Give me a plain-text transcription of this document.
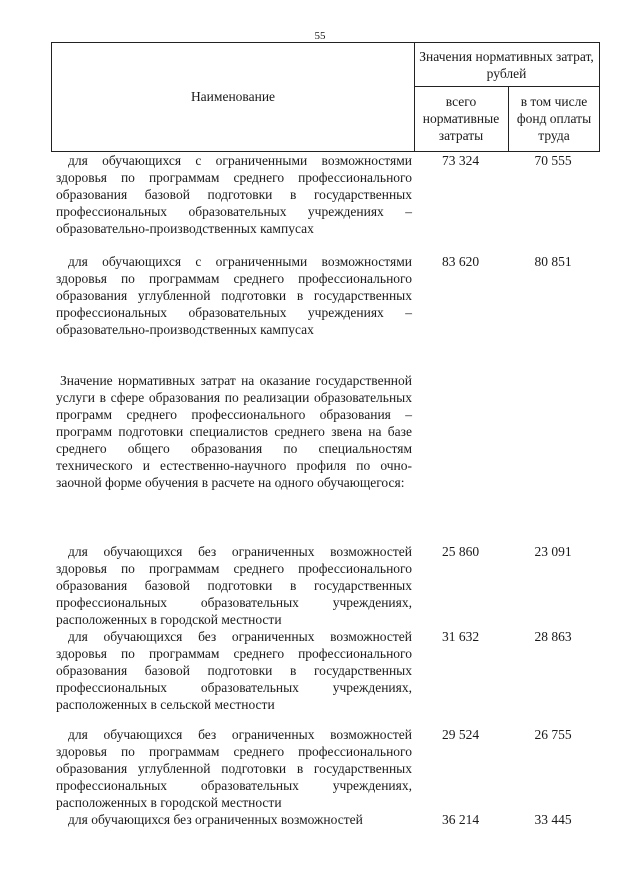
55
Наименование
Значения нормативных затрат, рублей
всего нормативные затраты
в том числе фонд оплаты труда
для обучающихся с ограниченными возможностями здоровья по программам среднего профессионального образования базовой подготовки в государственных профессиональных образовательных учреждениях – образовательно-производственных кампусах
73 324	70 555
для обучающихся с ограниченными возможностями здоровья по программам среднего профессионального образования углубленной подготовки в государственных профессиональных образовательных учреждениях – образовательно-производственных кампусах
83 620	80 851
Значение нормативных затрат на оказание государственной услуги в сфере образования по реализации образовательных программ среднего профессионального образования – программ подготовки специалистов среднего звена на базе среднего общего образования по специальностям технического и естественно-научного профиля по очно-заочной форме обучения в расчете на одного обучающегося:
для обучающихся без ограниченных возможностей здоровья по программам среднего профессионального образования базовой подготовки в государственных профессиональных образовательных учреждениях, расположенных в городской местности
25 860	23 091
для обучающихся без ограниченных возможностей здоровья по программам среднего профессионального образования базовой подготовки в государственных профессиональных образовательных учреждениях, расположенных в сельской местности
31 632	28 863
для обучающихся без ограниченных возможностей здоровья по программам среднего профессионального образования углубленной подготовки в государственных профессиональных образовательных учреждениях, расположенных в городской местности
29 524	26 755
для обучающихся без ограниченных возможностей	36 214	33 445
